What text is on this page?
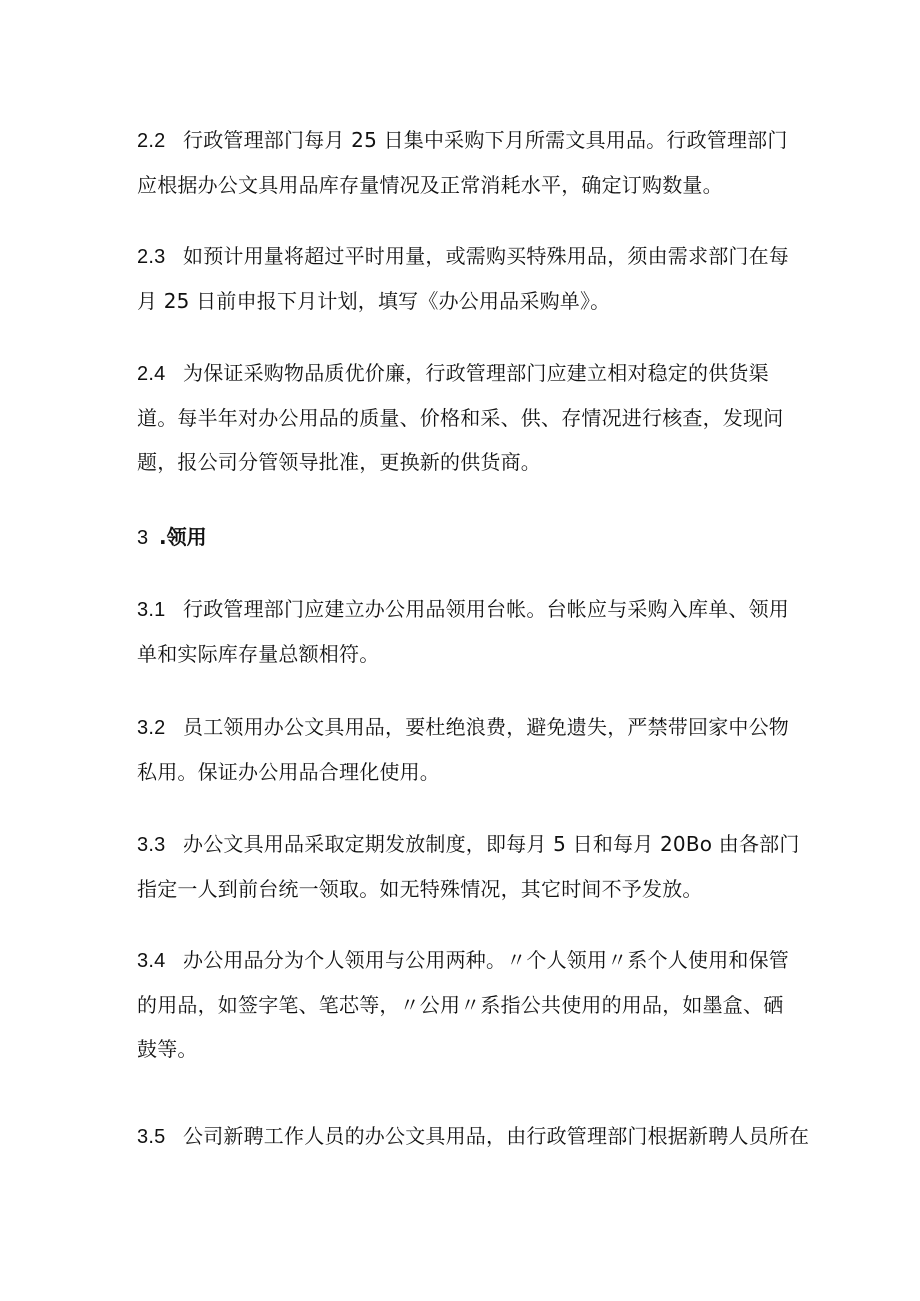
2.2 行政管理部门每月 25 日集中采购下月所需文具用品。行政管理部门
应根据办公文具用品库存量情况及正常消耗水平，确定订购数量。
2.3 如预计用量将超过平时用量，或需购买特殊用品，须由需求部门在每
月 25 日前申报下月计划，填写《办公用品采购单》。
2.4 为保证采购物品质优价廉，行政管理部门应建立相对稳定的供货渠
道。每半年对办公用品的质量、价格和采、供、存情况进行核查，发现问
题，报公司分管领导批准，更换新的供货商。
3 .领用
3.1 行政管理部门应建立办公用品领用台帐。台帐应与采购入库单、领用
单和实际库存量总额相符。
3.2 员工领用办公文具用品，要杜绝浪费，避免遗失，严禁带回家中公物
私用。保证办公用品合理化使用。
3.3 办公文具用品采取定期发放制度，即每月 5 日和每月 20Bo 由各部门
指定一人到前台统一领取。如无特殊情况，其它时间不予发放。
3.4 办公用品分为个人领用与公用两种。〃个人领用〃系个人使用和保管
的用品，如签字笔、笔芯等，〃公用〃系指公共使用的用品，如墨盒、硒
鼓等。
3.5 公司新聘工作人员的办公文具用品，由行政管理部门根据新聘人员所在
